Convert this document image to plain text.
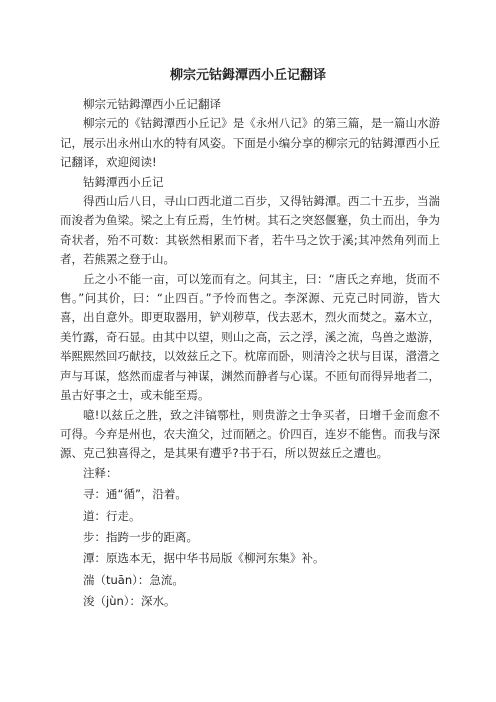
柳宗元钴鉧潭西小丘记翻译

柳宗元钴鉧潭西小丘记翻译

柳宗元的《钴鉧潭西小丘记》是《永州八记》的第三篇，是一篇山水游记，展示出永州山水的特有风姿。下面是小编分享的柳宗元的钴鉧潭西小丘记翻译，欢迎阅读!

钴鉧潭西小丘记

得西山后八日，寻山口西北道二百步，又得钴鉧潭。西二十五步，当湍而浚者为鱼梁。梁之上有丘焉，生竹树。其石之突怒偃蹇，负土而出，争为奇状者，殆不可数：其嵚然相累而下者，若牛马之饮于溪;其冲然角列而上者，若熊罴之登于山。

丘之小不能一亩，可以笼而有之。问其主，曰：“唐氏之弃地，货而不售。”问其价，曰：“止四百。”予怜而售之。李深源、元克己时同游，皆大喜，出自意外。即更取器用，铲刈秽草，伐去恶木，烈火而焚之。嘉木立，美竹露，奇石显。由其中以望，则山之高，云之浮，溪之流，鸟兽之遨游，举熙熙然回巧献技，以效兹丘之下。枕席而卧，则清泠之状与目谋，瀯瀯之声与耳谋，悠然而虚者与神谋，渊然而静者与心谋。不匝旬而得异地者二，虽古好事之士，或未能至焉。

噫!以兹丘之胜，致之沣镐鄠杜，则贵游之士争买者，日增千金而愈不可得。今弃是州也，农夫渔父，过而陋之。价四百，连岁不能售。而我与深源、克己独喜得之，是其果有遭乎?书于石，所以贺兹丘之遭也。

注释：

寻：通“循”，沿着。

道：行走。

步：指跨一步的距离。

潭：原选本无，据中华书局版《柳河东集》补。

湍（tuān）：急流。

浚（jùn）：深水。
